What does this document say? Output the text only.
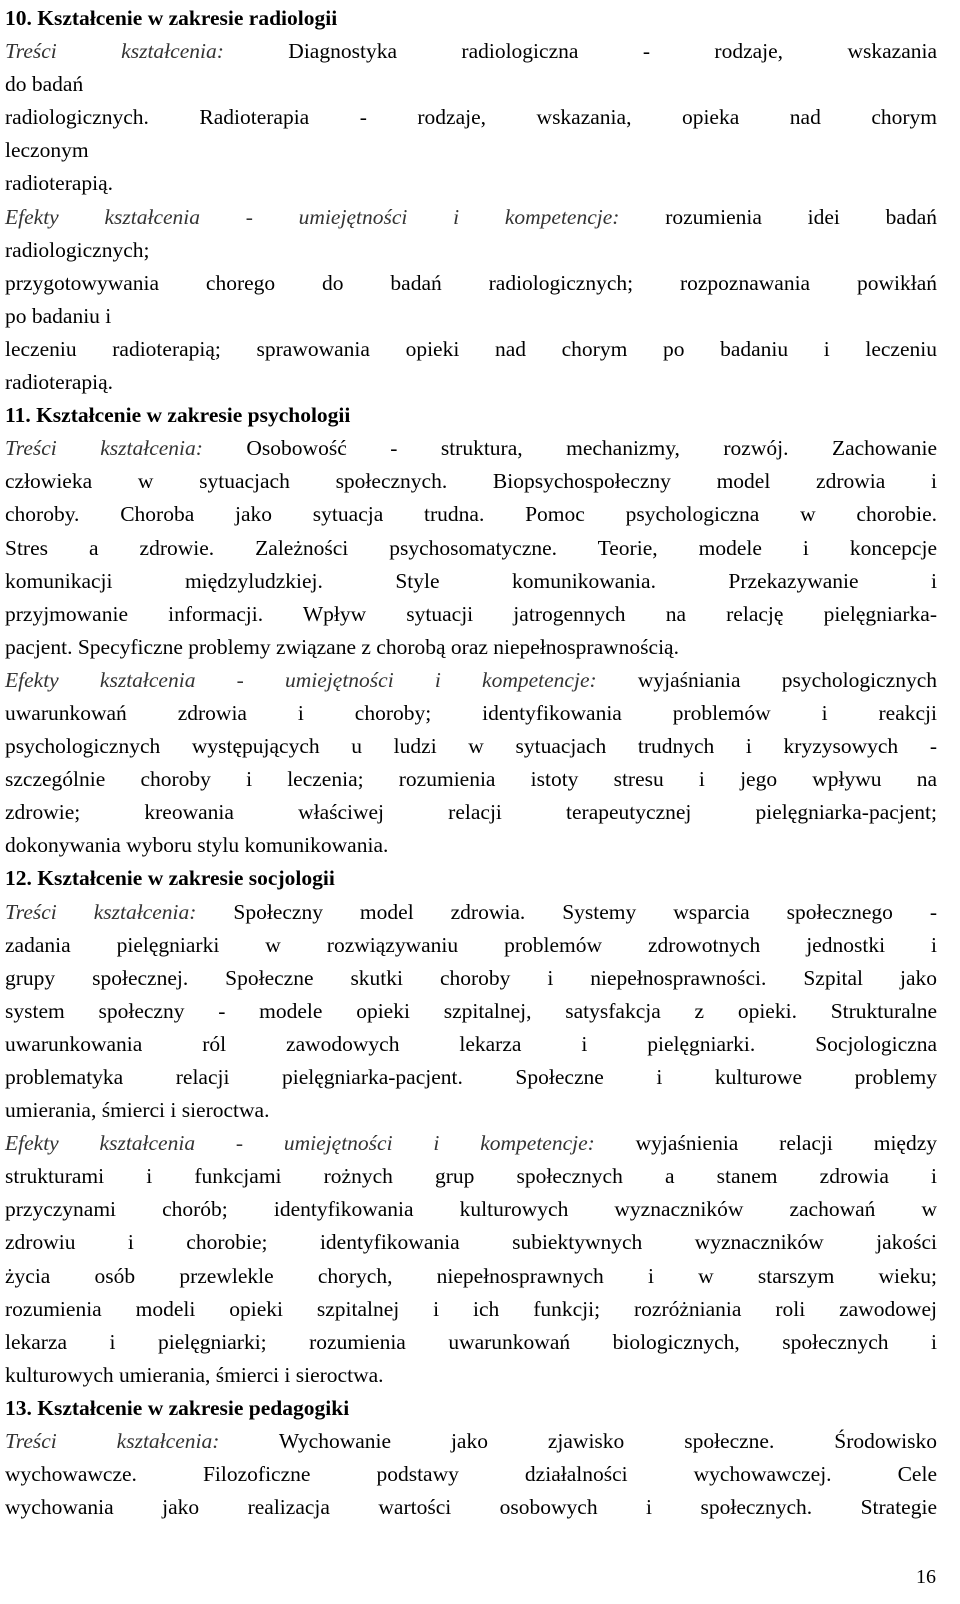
10. Kształcenie w zakresie radiologii
Treści kształcenia: Diagnostyka radiologiczna - rodzaje, wskazania
do badań
radiologicznych. Radioterapia - rodzaje, wskazania, opieka nad chorym
leczonym
radioterapią.
Efekty kształcenia - umiejętności i kompetencje: rozumienia idei badań
radiologicznych;
przygotowywania chorego do badań radiologicznych; rozpoznawania powikłań
po badaniu i
leczeniu radioterapią; sprawowania opieki nad chorym po badaniu i leczeniu
radioterapią.
11. Kształcenie w zakresie psychologii
Treści kształcenia: Osobowość - struktura, mechanizmy, rozwój. Zachowanie
człowieka w sytuacjach społecznych. Biopsychospołeczny model zdrowia i
choroby. Choroba jako sytuacja trudna. Pomoc psychologiczna w chorobie.
Stres a zdrowie. Zależności psychosomatyczne. Teorie, modele i koncepcje
komunikacji międzyludzkiej. Style komunikowania. Przekazywanie i
przyjmowanie informacji. Wpływ sytuacji jatrogennych na relację pielęgniarka-
pacjent. Specyficzne problemy związane z chorobą oraz niepełnosprawnością.
Efekty kształcenia - umiejętności i kompetencje: wyjaśniania psychologicznych
uwarunkowań zdrowia i choroby; identyfikowania problemów i reakcji
psychologicznych występujących u ludzi w sytuacjach trudnych i kryzysowych -
szczególnie choroby i leczenia; rozumienia istoty stresu i jego wpływu na
zdrowie; kreowania właściwej relacji terapeutycznej pielęgniarka-pacjent;
dokonywania wyboru stylu komunikowania.
12. Kształcenie w zakresie socjologii
Treści kształcenia: Społeczny model zdrowia. Systemy wsparcia społecznego -
zadania pielęgniarki w rozwiązywaniu problemów zdrowotnych jednostki i
grupy społecznej. Społeczne skutki choroby i niepełnosprawności. Szpital jako
system społeczny - modele opieki szpitalnej, satysfakcja z opieki. Strukturalne
uwarunkowania ról zawodowych lekarza i pielęgniarki. Socjologiczna
problematyka relacji pielęgniarka-pacjent. Społeczne i kulturowe problemy
umierania, śmierci i sieroctwa.
Efekty kształcenia - umiejętności i kompetencje: wyjaśnienia relacji między
strukturami i funkcjami rożnych grup społecznych a stanem zdrowia i
przyczynami chorób; identyfikowania kulturowych wyznaczników zachowań w
zdrowiu i chorobie; identyfikowania subiektywnych wyznaczników jakości
życia osób przewlekle chorych, niepełnosprawnych i w starszym wieku;
rozumienia modeli opieki szpitalnej i ich funkcji; rozróżniania roli zawodowej
lekarza i pielęgniarki; rozumienia uwarunkowań biologicznych, społecznych i
kulturowych umierania, śmierci i sieroctwa.
13. Kształcenie w zakresie pedagogiki
Treści kształcenia: Wychowanie jako zjawisko społeczne. Środowisko
wychowawcze. Filozoficzne podstawy działalności wychowawczej. Cele
wychowania jako realizacja wartości osobowych i społecznych. Strategie
16
